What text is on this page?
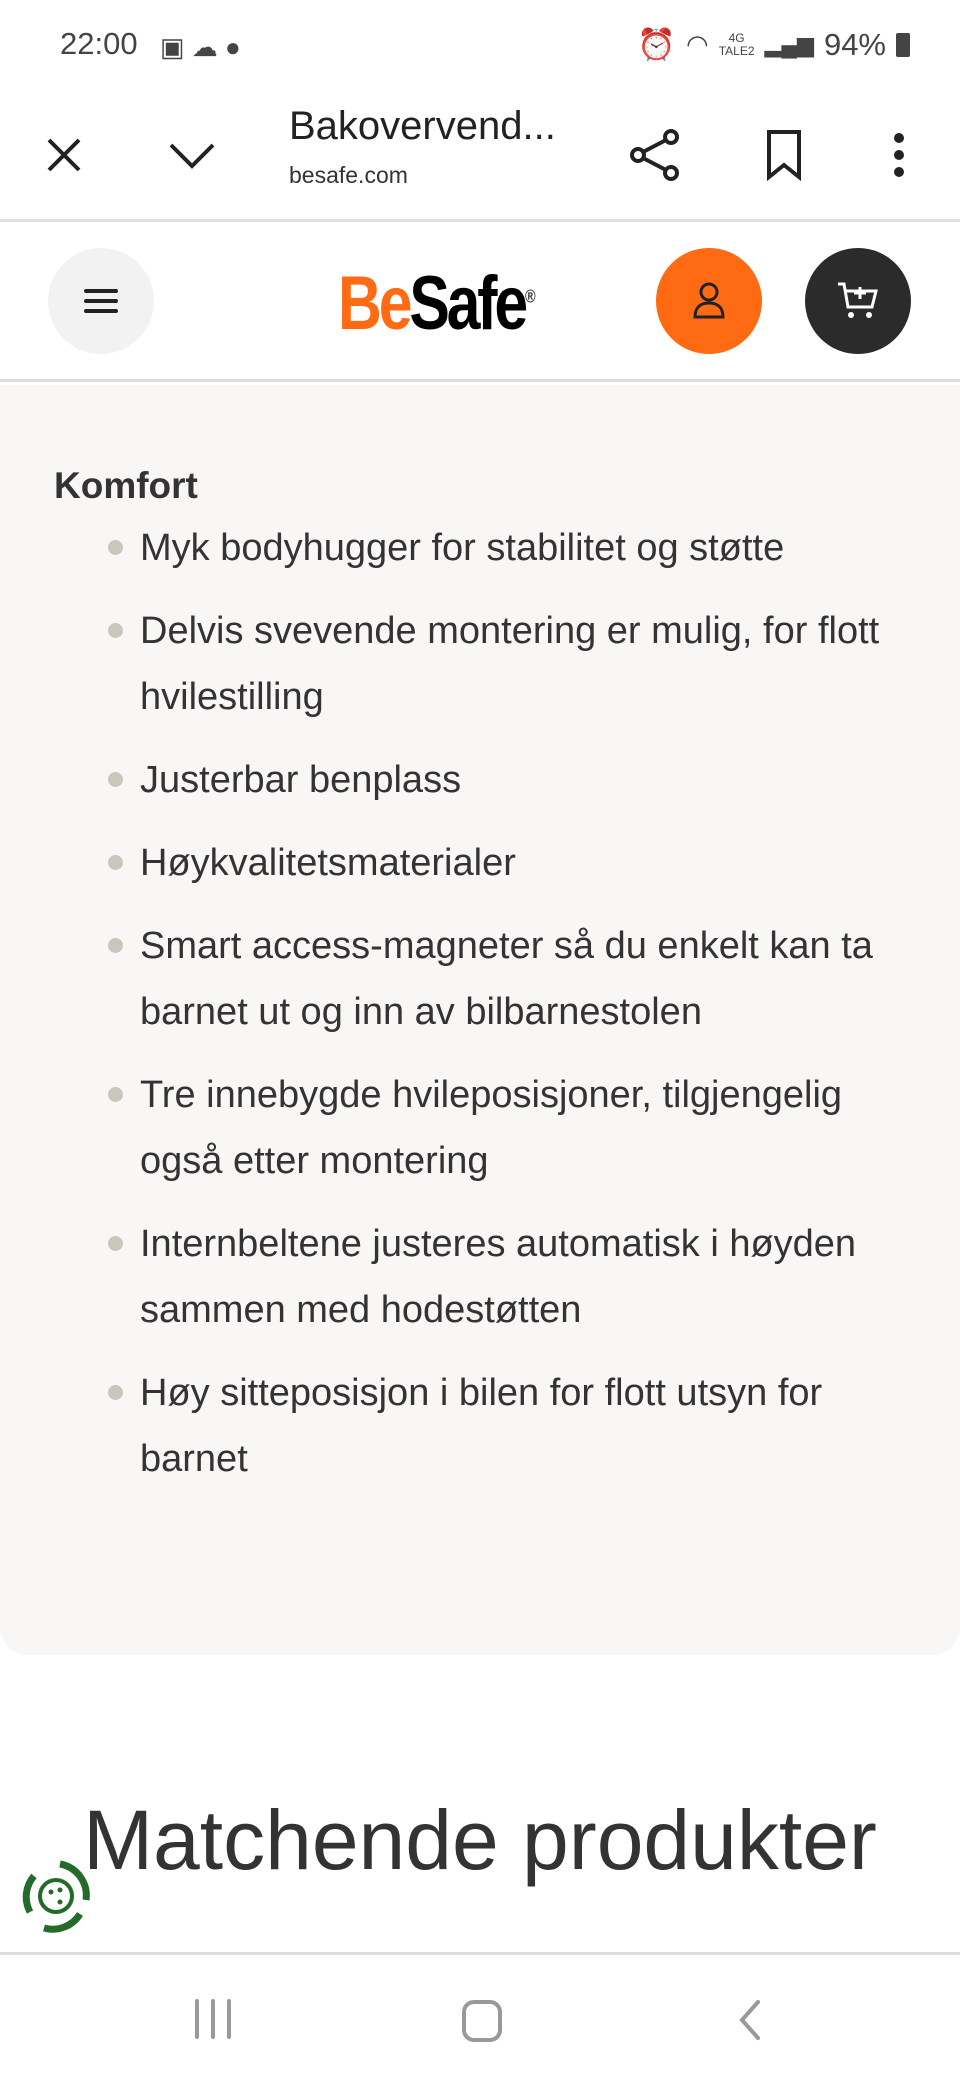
22:00 ▣ ☁ ●	⏰ ◠	4G
TALE2 ▂▄▆ 94%
Bakovervend...
besafe.com
BeSafe®
Komfort
Myk bodyhugger for stabilitet og støtte
Delvis svevende montering er mulig, for flott hvilestilling
Justerbar benplass
Høykvalitetsmaterialer
Smart access-magneter så du enkelt kan ta barnet ut og inn av bilbarnestolen
Tre innebygde hvileposisjoner, tilgjengelig også etter montering
Internbeltene justeres automatisk i høyden sammen med hodestøtten
Høy sitteposisjon i bilen for flott utsyn for barnet
Matchende produkter
